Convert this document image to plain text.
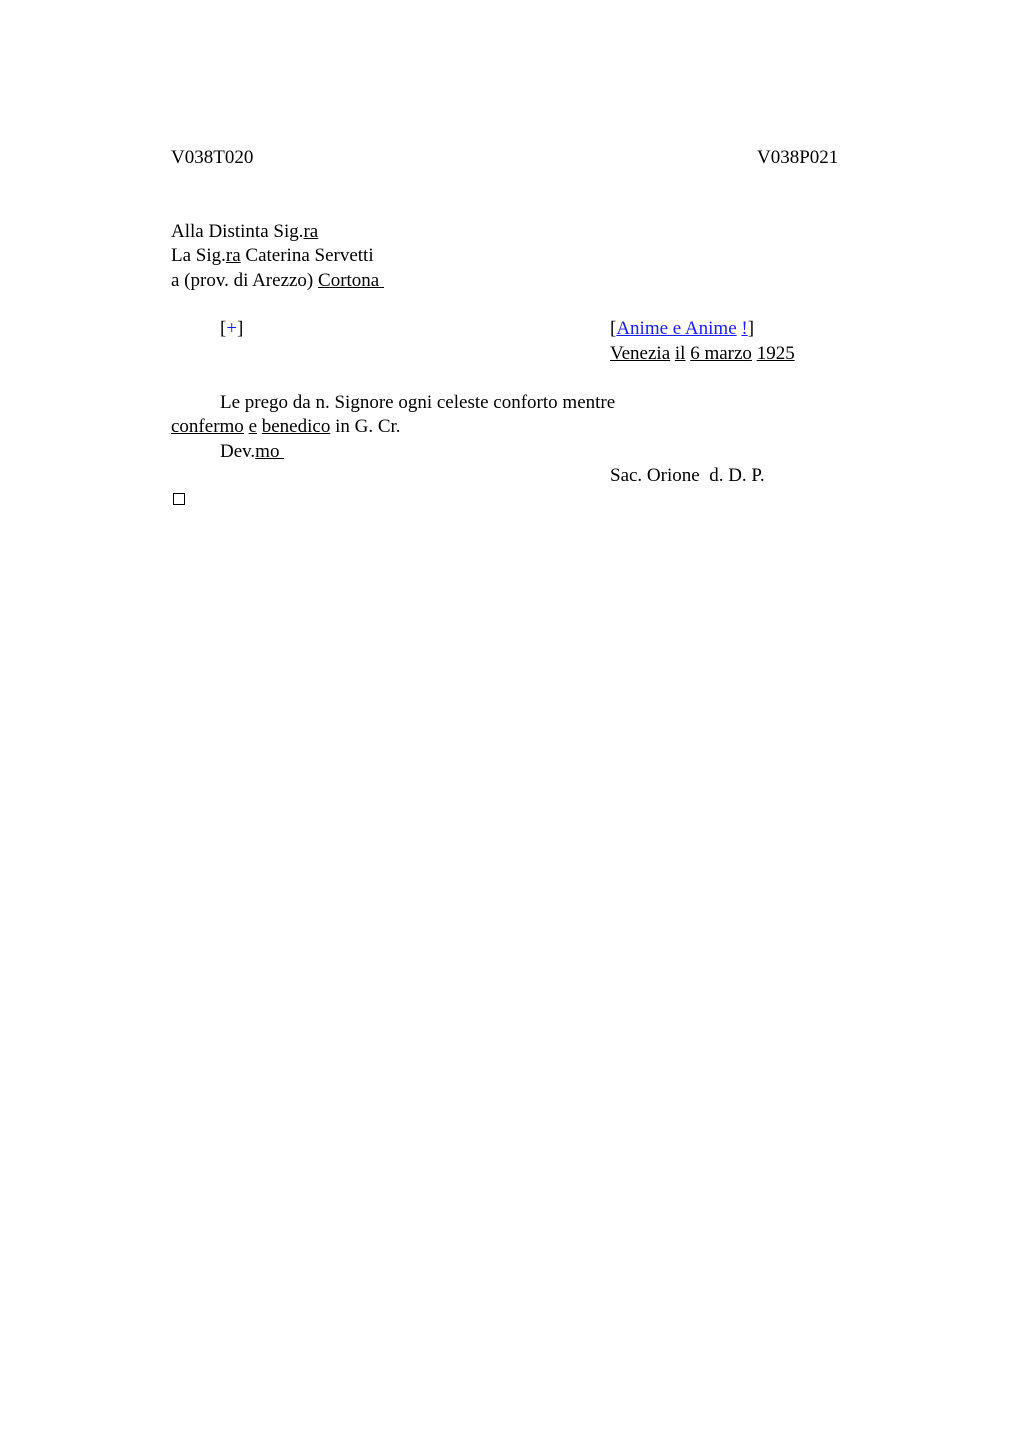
V038T020	V038P021
Alla Distinta Sig.ra
La Sig.ra Caterina Servetti
a (prov. di Arezzo) Cortona
[+]	[Anime e Anime !]
Venezia il 6 marzo 1925
Le prego da n. Signore ogni celeste conforto mentre
confermo e benedico in G. Cr.
Dev.mo
Sac. Orione  d. D. P.
